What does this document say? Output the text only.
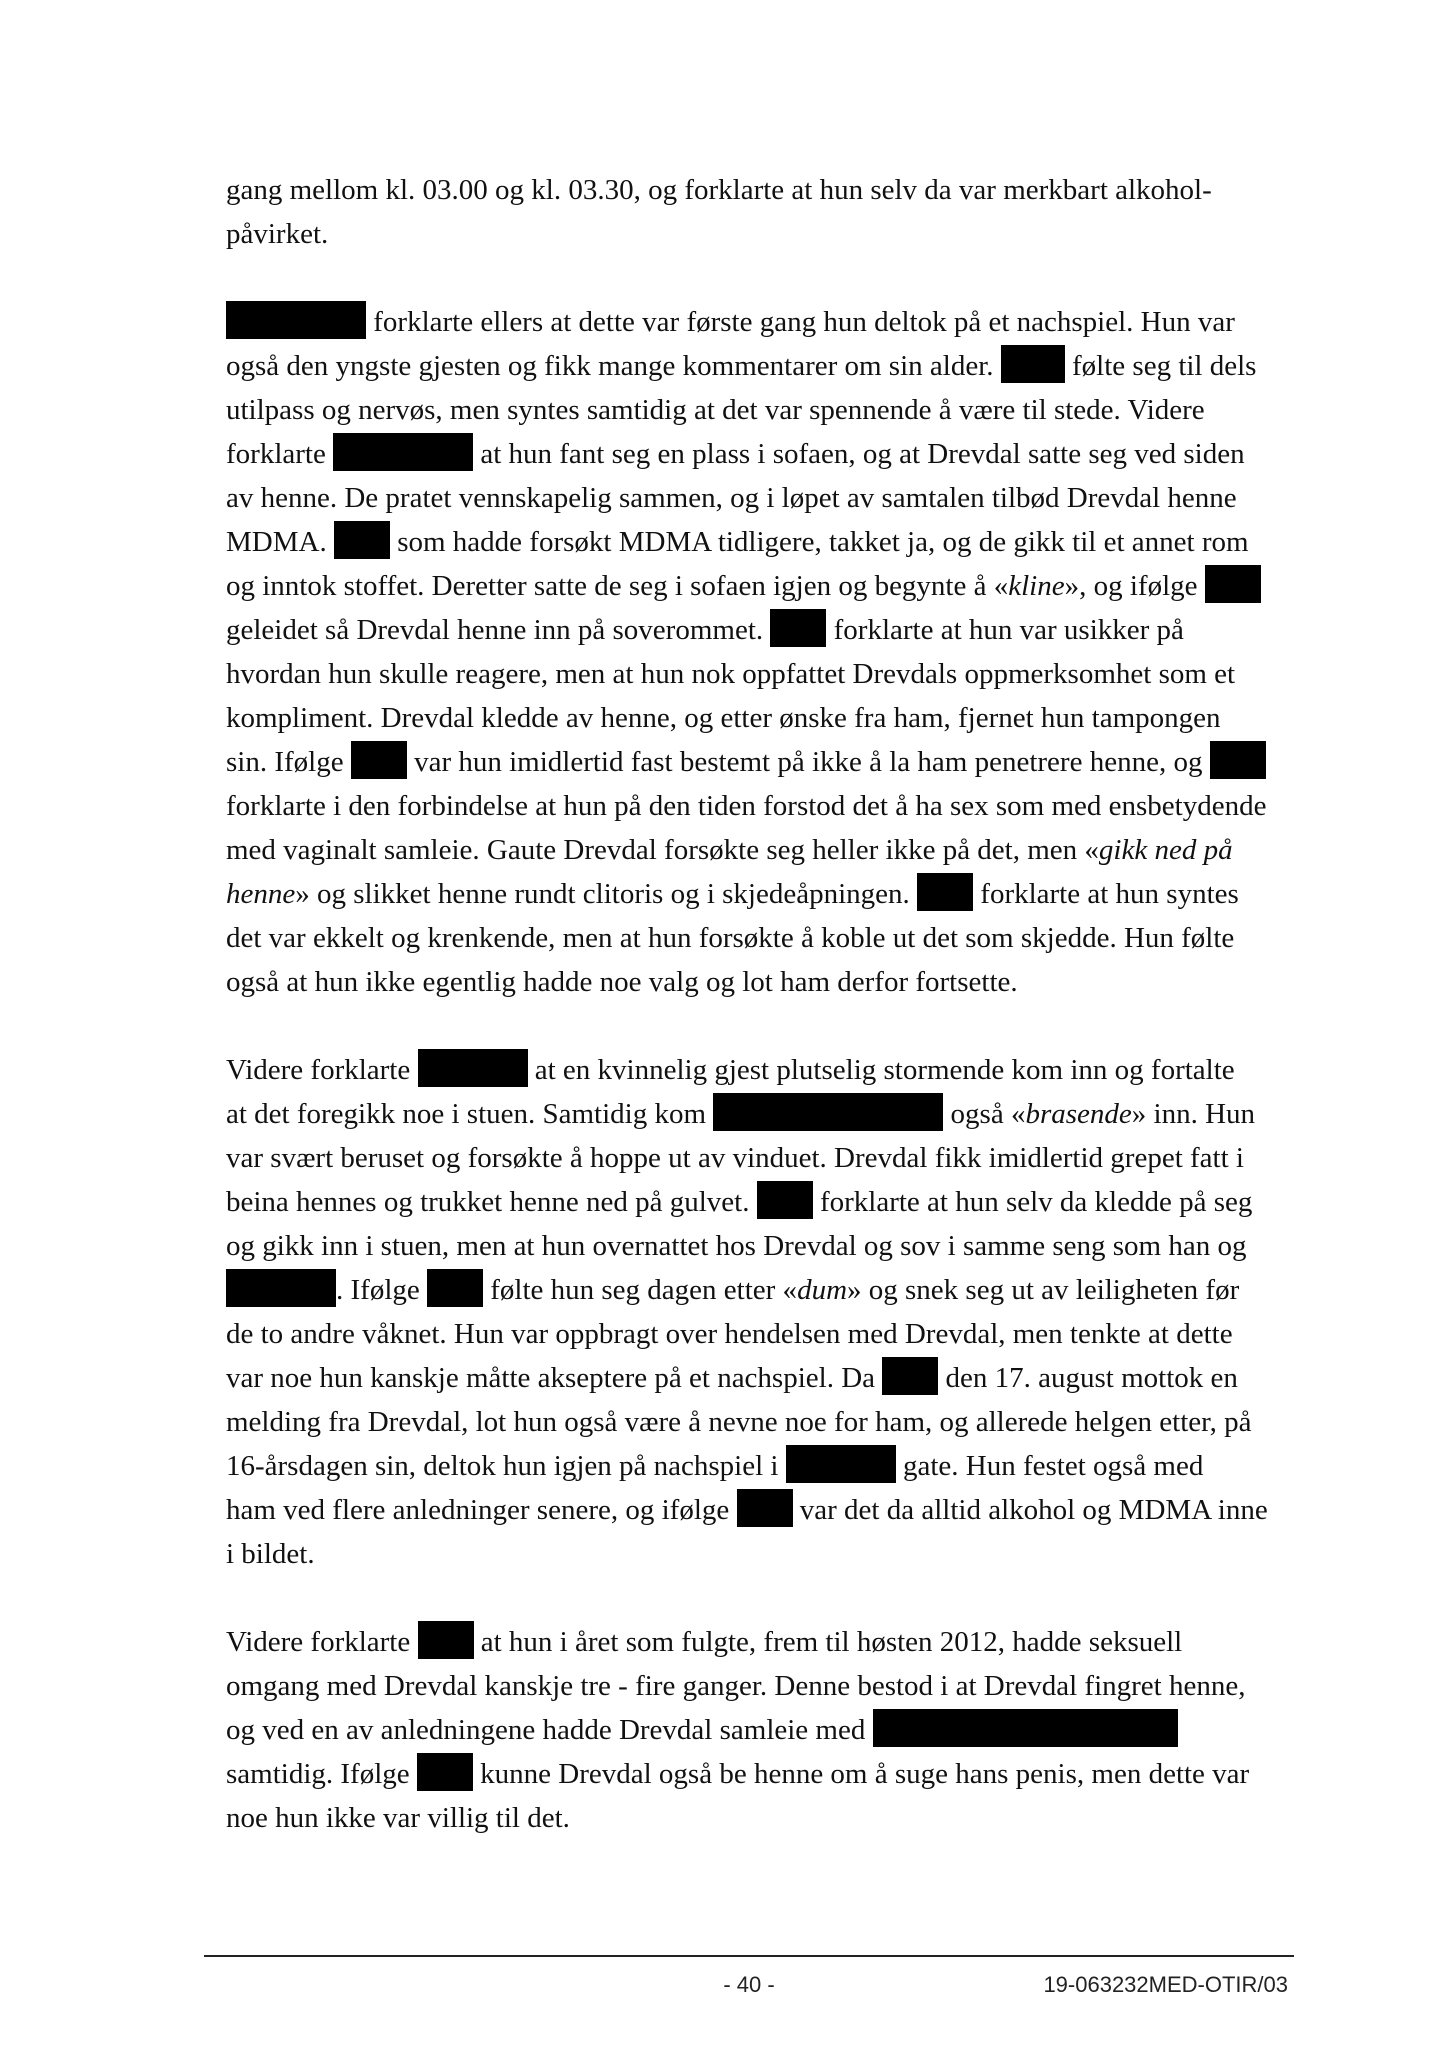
gang mellom kl. 03.00 og kl. 03.30, og forklarte at hun selv da var merkbart alkohol-
påvirket.
forklarte ellers at dette var første gang hun deltok på et nachspiel. Hun var
også den yngste gjesten og fikk mange kommentarer om sin alder.  følte seg til dels
utilpass og nervøs, men syntes samtidig at det var spennende å være til stede. Videre
forklarte	at hun fant seg en plass i sofaen, og at Drevdal satte seg ved siden
av henne. De pratet vennskapelig sammen, og i løpet av samtalen tilbød Drevdal henne
MDMA.  som hadde forsøkt MDMA tidligere, takket ja, og de gikk til et annet rom
og inntok stoffet. Deretter satte de seg i sofaen igjen og begynte å «kline», og ifølge
geleidet så Drevdal henne inn på soverommet.  forklarte at hun var usikker på
hvordan hun skulle reagere, men at hun nok oppfattet Drevdals oppmerksomhet som et
kompliment. Drevdal kledde av henne, og etter ønske fra ham, fjernet hun tampongen
sin. Ifølge  var hun imidlertid fast bestemt på ikke å la ham penetrere henne, og
forklarte i den forbindelse at hun på den tiden forstod det å ha sex som med ensbetydende
med vaginalt samleie. Gaute Drevdal forsøkte seg heller ikke på det, men «gikk ned på
henne» og slikket henne rundt clitoris og i skjedeåpningen.  forklarte at hun syntes
det var ekkelt og krenkende, men at hun forsøkte å koble ut det som skjedde. Hun følte
også at hun ikke egentlig hadde noe valg og lot ham derfor fortsette.
Videre forklarte	at en kvinnelig gjest plutselig stormende kom inn og fortalte
at det foregikk noe i stuen. Samtidig kom	også «brasende» inn. Hun
var svært beruset og forsøkte å hoppe ut av vinduet. Drevdal fikk imidlertid grepet fatt i
beina hennes og trukket henne ned på gulvet.  forklarte at hun selv da kledde på seg
og gikk inn i stuen, men at hun overnattet hos Drevdal og sov i samme seng som han og
. Ifølge  følte hun seg dagen etter «dum» og snek seg ut av leiligheten før
de to andre våknet. Hun var oppbragt over hendelsen med Drevdal, men tenkte at dette
var noe hun kanskje måtte akseptere på et nachspiel. Da  den 17. august mottok en
melding fra Drevdal, lot hun også være å nevne noe for ham, og allerede helgen etter, på
16-årsdagen sin, deltok hun igjen på nachspiel i	gate. Hun festet også med
ham ved flere anledninger senere, og ifølge  var det da alltid alkohol og MDMA inne
i bildet.
Videre forklarte  at hun i året som fulgte, frem til høsten 2012, hadde seksuell
omgang med Drevdal kanskje tre - fire ganger. Denne bestod i at Drevdal fingret henne,
og ved en av anledningene hadde Drevdal samleie med
samtidig. Ifølge  kunne Drevdal også be henne om å suge hans penis, men dette var
noe hun ikke var villig til det.
- 40 -	19-063232MED-OTIR/03
